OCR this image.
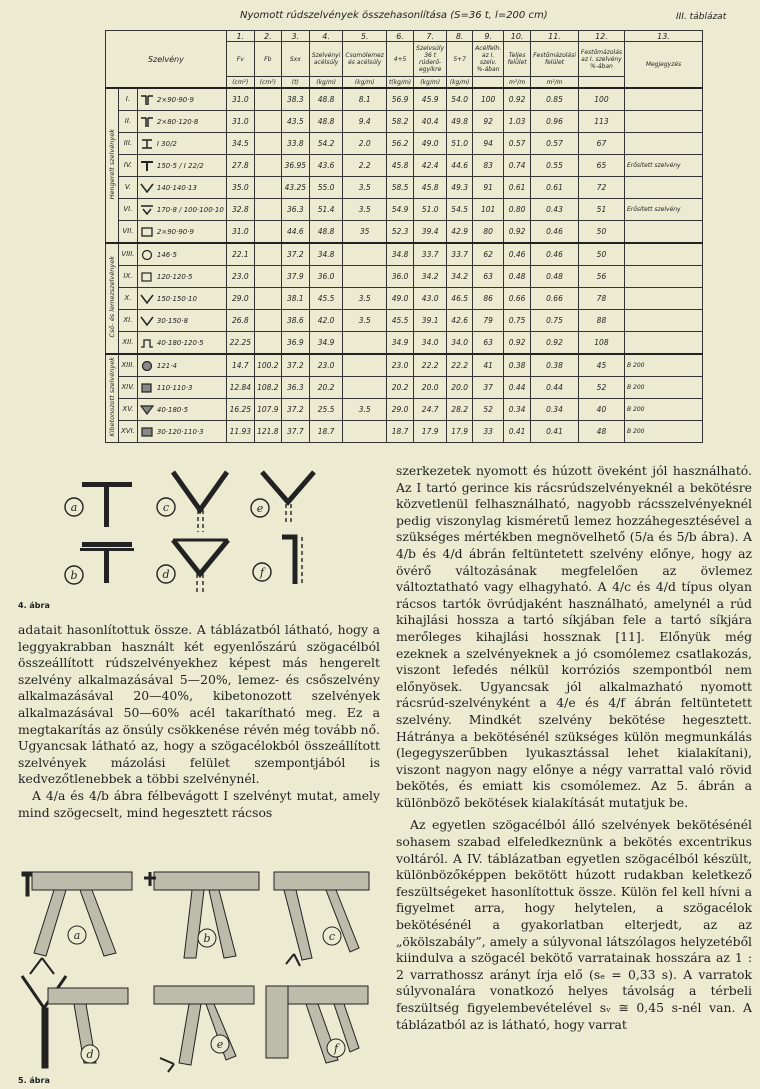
Nyomott rúdszelvények összehasonlítása (S=36 t, l=200 cm)	III. táblázat
Szelvény			1.	2.	3.	4.	5.	6.	7.	8.	9.	10.	11.	12.	13.
			Fv	Fb	Sxx	Szelvényi acélsúly	Csomólemez és acélsúly	4+5	Szelvsúly 36 t rúderő-egyikre	5+7	Acélfelh. az I. szelv. %-ában	Teljes felület	Festőmázolási felület	Festőmázolás az I. szelvény %-ában	Megjegyzés
			(cm²)	(cm²)	(t)	(kg/m)	(kg/m)	t(kg/m)	(kg/m)	(kg/m)		m²/m	m²/m		
Hengerelt szelvények	I.	2×90·90·9	31.0		38.3	48.8	8.1	56.9	45.9	54.0	100	0.92	0.85	100	
	II.	2×80·120·8	31.0		43.5	48.8	9.4	58.2	40.4	49.8	92	1.03	0.96	113	
	III.	I 30/2	34.5		33.8	54.2	2.0	56.2	49.0	51.0	94	0.57	0.57	67	
	IV.	150·5 / I 22/2	27.8		36.95	43.6	2.2	45.8	42.4	44.6	83	0.74	0.55	65	Erősített szelvény
	V.	140·140·13	35.0		43.25	55.0	3.5	58.5	45.8	49.3	91	0.61	0.61	72	
	VI.	170·8 / 100·100·10	32.8		36.3	51.4	3.5	54.9	51.0	54.5	101	0.80	0.43	51	Erősített szelvény
	VII.	2×90·90·9	31.0		44.6	48.8	35	52.3	39.4	42.9	80	0.92	0.46	50	
Cső- és lemezszelvények	VIII.	146·5	22.1		37.2	34.8		34.8	33.7	33.7	62	0.46	0.46	50	
	IX.	120·120·5	23.0		37.9	36.0		36.0	34.2	34.2	63	0.48	0.48	56	
	X.	150·150·10	29.0		38.1	45.5	3.5	49.0	43.0	46.5	86	0.66	0.66	78	
	XI.	30·150·8	26.8		38.6	42.0	3.5	45.5	39.1	42.6	79	0.75	0.75	88	
	XII.	40·180·120·5	22.25		36.9	34.9		34.9	34.0	34.0	63	0.92	0.92	108	
Kibetonozott szelvények	XIII.	121·4	14.7	100.2	37.2	23.0		23.0	22.2	22.2	41	0.38	0.38	45	B 200
	XIV.	110·110·3	12.84	108.2	36.3	20.2		20.2	20.0	20.0	37	0.44	0.44	52	B 200
	XV.	40·180·5	16.25	107.9	37.2	25.5	3.5	29.0	24.7	28.2	52	0.34	0.34	40	B 200
	XVI.	30·120·110·3	11.93	121.8	37.7	18.7		18.7	17.9	17.9	33	0.41	0.41	48	B 200
a
b
c
d
e
f
4. ábra

adatait hasonlítottuk össze. A táblázatból látható, hogy a leggyakrabban használt két egyenlőszárú szögacélból összeállított rúdszelvényekhez képest más hengerelt szelvény alkalmazásával 5—20%, lemez- és csőszelvény alkalmazásával 20—40%, kibetonozott szelvények alkalmazásával 50—60% acél takarítható meg. Ez a megtakarítás az önsúly csökkenése révén még tovább nő. Ugyancsak látható az, hogy a szögacélokból összeállított szelvények mázolási felület szempontjából is kedvezőtlenebbek a többi szelvénynél.

A 4/a és 4/b ábra félbevágott I szelvényt mutat, amely mind szögecselt, mind hegesztett rácsos

a	b	c
d
e	f
5. ábra

szerkezetek nyomott és húzott öveként jól használható. Az I tartó gerince kis rácsrúdszelvényeknél a bekötésre közvetlenül felhasználható, nagyobb rácsszelvényeknél pedig viszonylag kisméretű lemez hozzáhegesztésével a szükséges mértékben megnövelhető (5/a és 5/b ábra). A 4/b és 4/d ábrán feltüntetett szelvény előnye, hogy az övérő változásának megfelelően az övlemez változtatható vagy elhagyható. A 4/c és 4/d típus olyan rácsos tartók övrúdjaként használható, amelynél a rúd kihajlási hossza a tartó síkjában fele a tartó síkjára merőleges kihajlási hossznak [11]. Előnyük még ezeknek a szelvényeknek a jó csomólemez csatlakozás, viszont lefedés nélkül korróziós szempontból nem előnyösek. Ugyancsak jól alkalmazható nyomott rácsrúd-szelvényként a 4/e és 4/f ábrán feltüntetett szelvény. Mindkét szelvény bekötése hegesztett. Hátránya a bekötésénél szükséges külön megmunkálás (legegyszerűbben lyukasztással lehet kialakítani), viszont nagyon nagy előnye a négy varrattal való rövid bekötés, és emiatt kis csomólemez. Az 5. ábrán a különböző bekötések kialakítását mutatjuk be.

Az egyetlen szögacélból álló szelvények bekötésénél sohasem szabad elfeledkeznünk a bekötés excentrikus voltáról. A IV. táblázatban egyetlen szögacélból készült, különbözőképpen bekötött húzott rudakban keletkező feszültségeket hasonlítottuk össze. Külön fel kell hívni a figyelmet arra, hogy helytelen, a szögacélok bekötésénél a gyakorlatban elterjedt, az az „ökölszabály”, amely a súlyvonal látszólagos helyzetéből kiindulva a szögacél bekötő varratainak hosszára az 1 : 2 varrathossz arányt írja elő (sₑ = 0,33 s). A varratok súlyvonalára vonatkozó helyes távolság a térbeli feszültség figyelembevételével sᵥ ≅ 0,45 s-nél van. A táblázatból az is látható, hogy varrat
